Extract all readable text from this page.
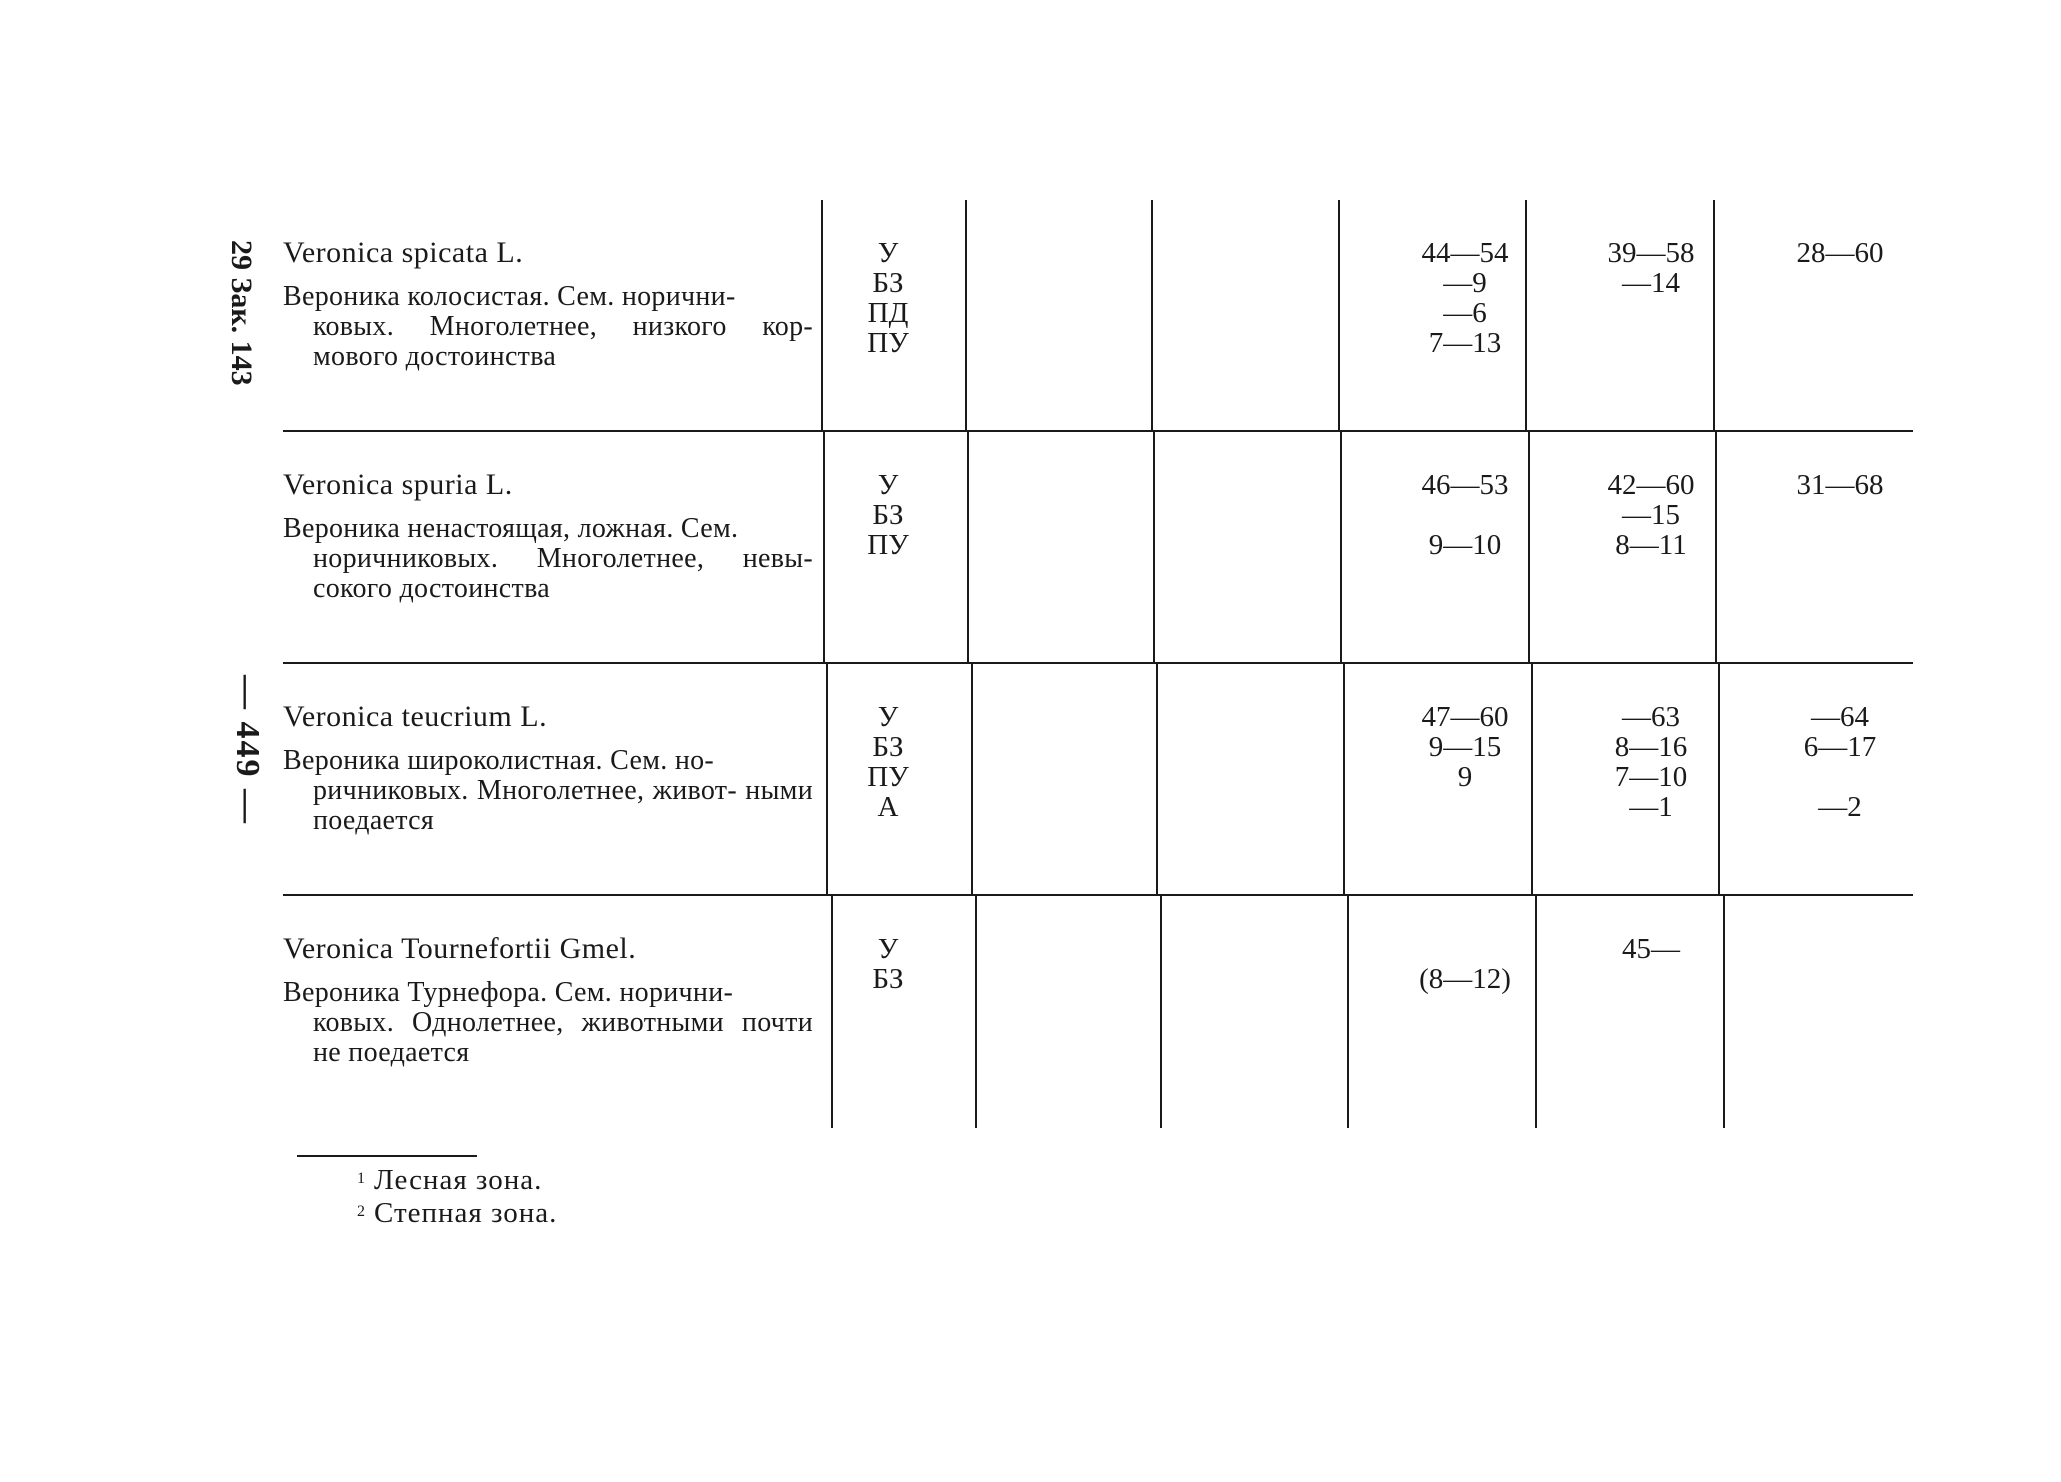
29 Зак. 143
— 449 —
Veronica spicata L.
Вероника колосистая. Сем. норични-
ковых. Многолетнее, низкого кор- мового достоинства
У
БЗ
ПД
ПУ
44—54
—9
—6
7—13
39—58
—14
28—60
Veronica spuria L.
Вероника ненастоящая, ложная. Сем.
норичниковых. Многолетнее, невы- сокого достоинства
У
БЗ
ПУ
46—53

9—10
42—60
—15
8—11
31—68
Veronica teucrium L.
Вероника широколистная. Сем. но-
ричниковых. Многолетнее, живот- ными поедается
У
БЗ
ПУ
А
47—60
9—15
9
—63
8—16
7—10
—1
—64
6—17

—2
Veronica Tournefortii Gmel.
Вероника Турнефора. Сем. норични-
ковых. Однолетнее, животными почти не поедается
У
БЗ	
(8—12)
45—
$^1$ Лесная зона.
$^2$ Степная зона.
